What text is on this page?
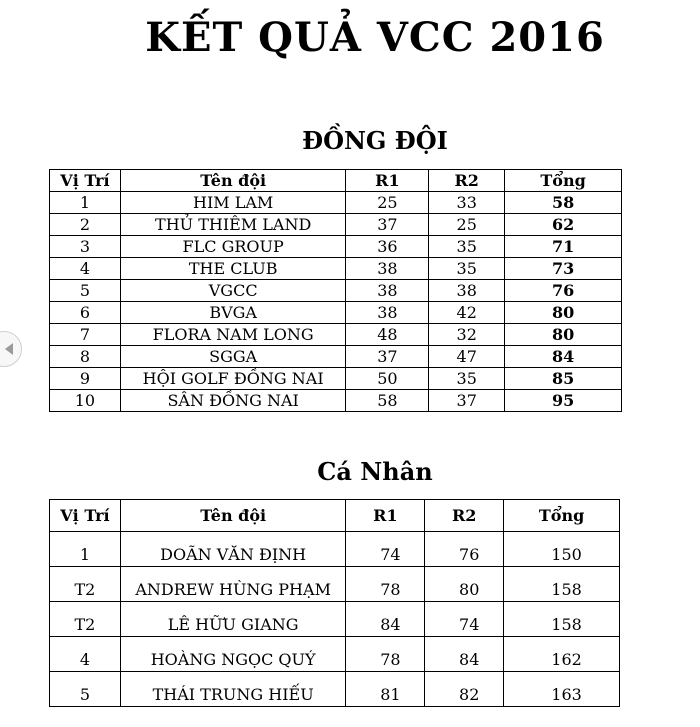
KẾT QUẢ VCC 2016
ĐỒNG ĐỘI
Vị Trí	Tên đội	R1	R2	Tổng
1	HIM LAM	25	33	58
2	THỦ THIÊM LAND	37	25	62
3	FLC GROUP	36	35	71
4	THE CLUB	38	35	73
5	VGCC	38	38	76
6	BVGA	38	42	80
7	FLORA NAM LONG	48	32	80
8	SGGA	37	47	84
9	HỘI GOLF ĐỒNG NAI	50	35	85
10	SÂN ĐỒNG NAI	58	37	95
Cá Nhân
Vị Trí	Tên đội	R1	R2	Tổng
1	DOÃN VĂN ĐỊNH	74	76	150
T2	ANDREW HÙNG PHẠM	78	80	158
T2	LÊ HỮU GIANG	84	74	158
4	HOÀNG NGỌC QUÝ	78	84	162
5	THÁI TRUNG HIẾU	81	82	163
